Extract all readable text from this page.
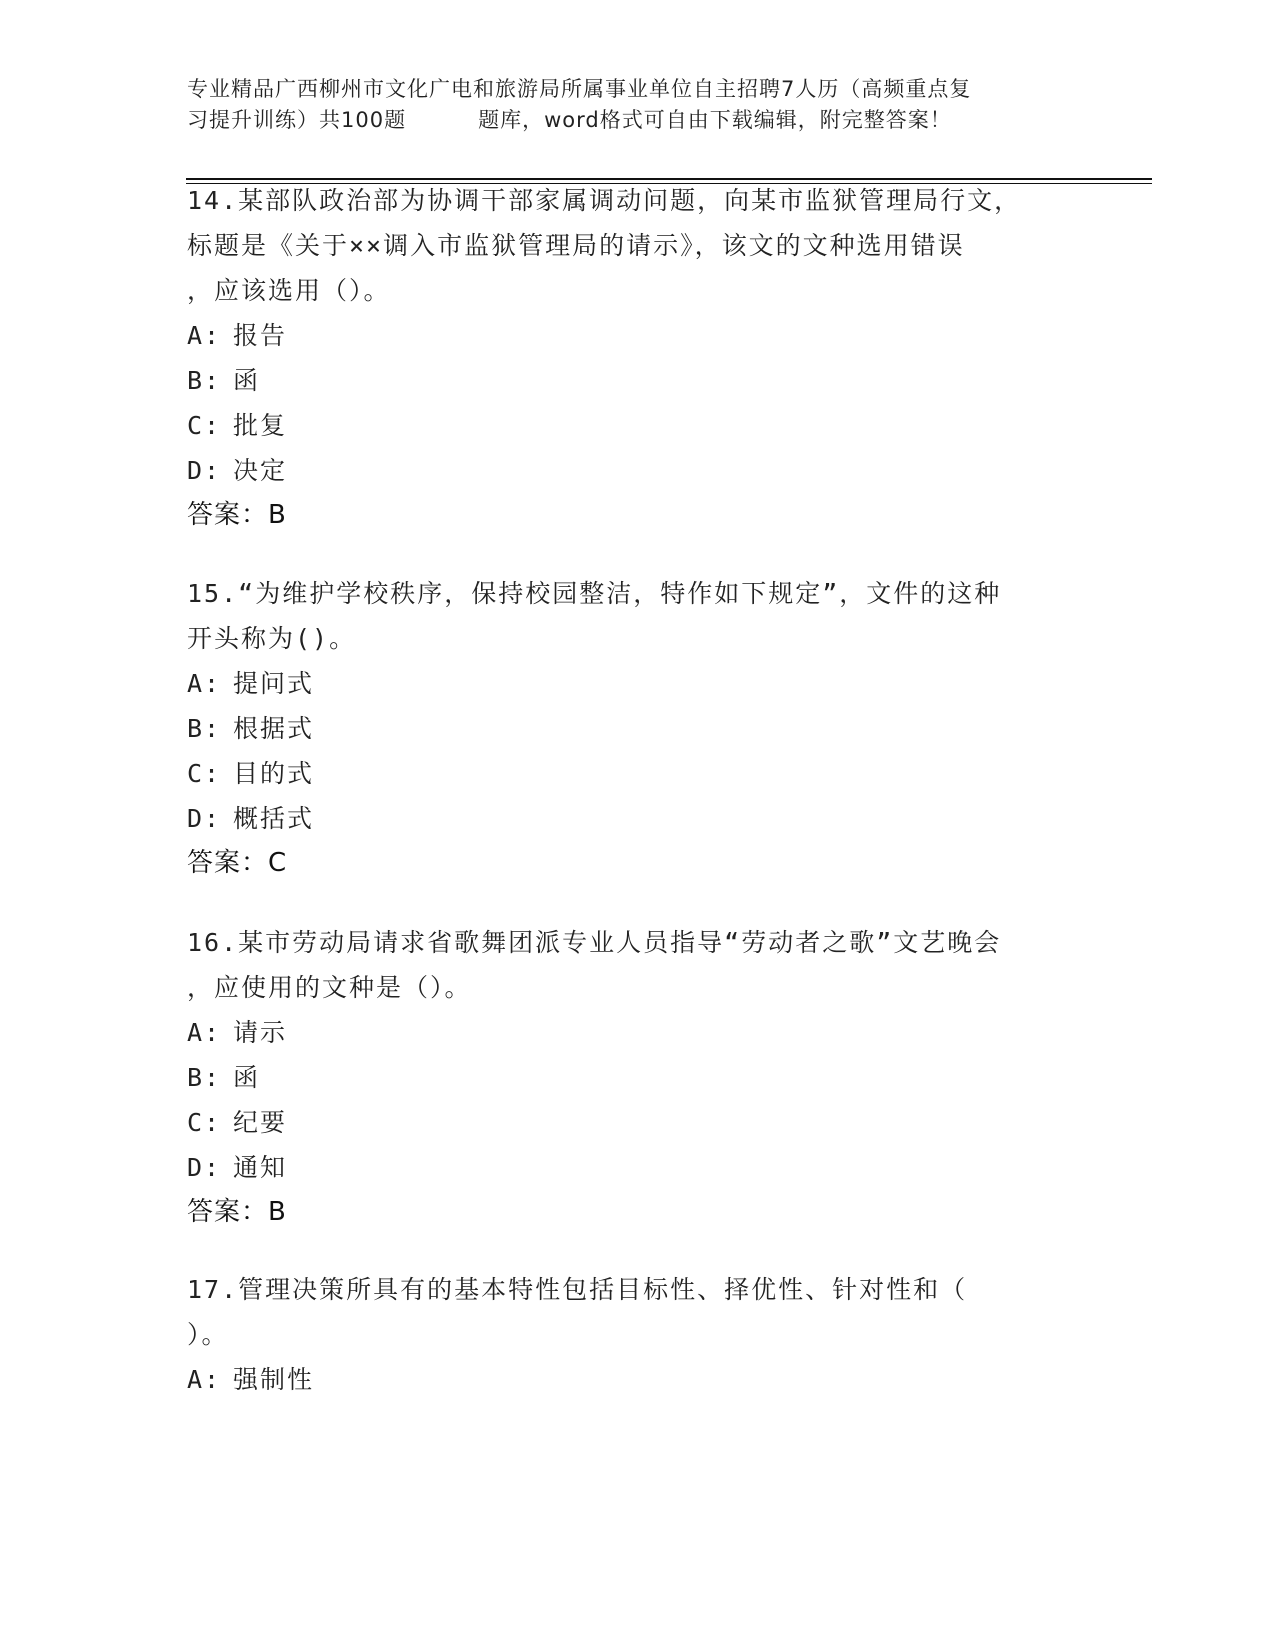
专业精品广西柳州市文化广电和旅游局所属事业单位自主招聘7人历（高频重点复
习提升训练）共100题	题库，word格式可自由下载编辑，附完整答案！

14.某部队政治部为协调干部家属调动问题，向某市监狱管理局行文，

标题是《关于××调入市监狱管理局的请示》，该文的文种选用错误

，应该选用（）。

A: 报告

B: 函

C: 批复

D: 决定

答案：B

15.“为维护学校秩序，保持校园整洁，特作如下规定”，文件的这种

开头称为()。

A: 提问式

B: 根据式

C: 目的式

D: 概括式

答案：C

16.某市劳动局请求省歌舞团派专业人员指导“劳动者之歌”文艺晚会

，应使用的文种是（）。

A: 请示

B: 函

C: 纪要

D: 通知

答案：B

17.管理决策所具有的基本特性包括目标性、择优性、针对性和（

）。

A: 强制性
